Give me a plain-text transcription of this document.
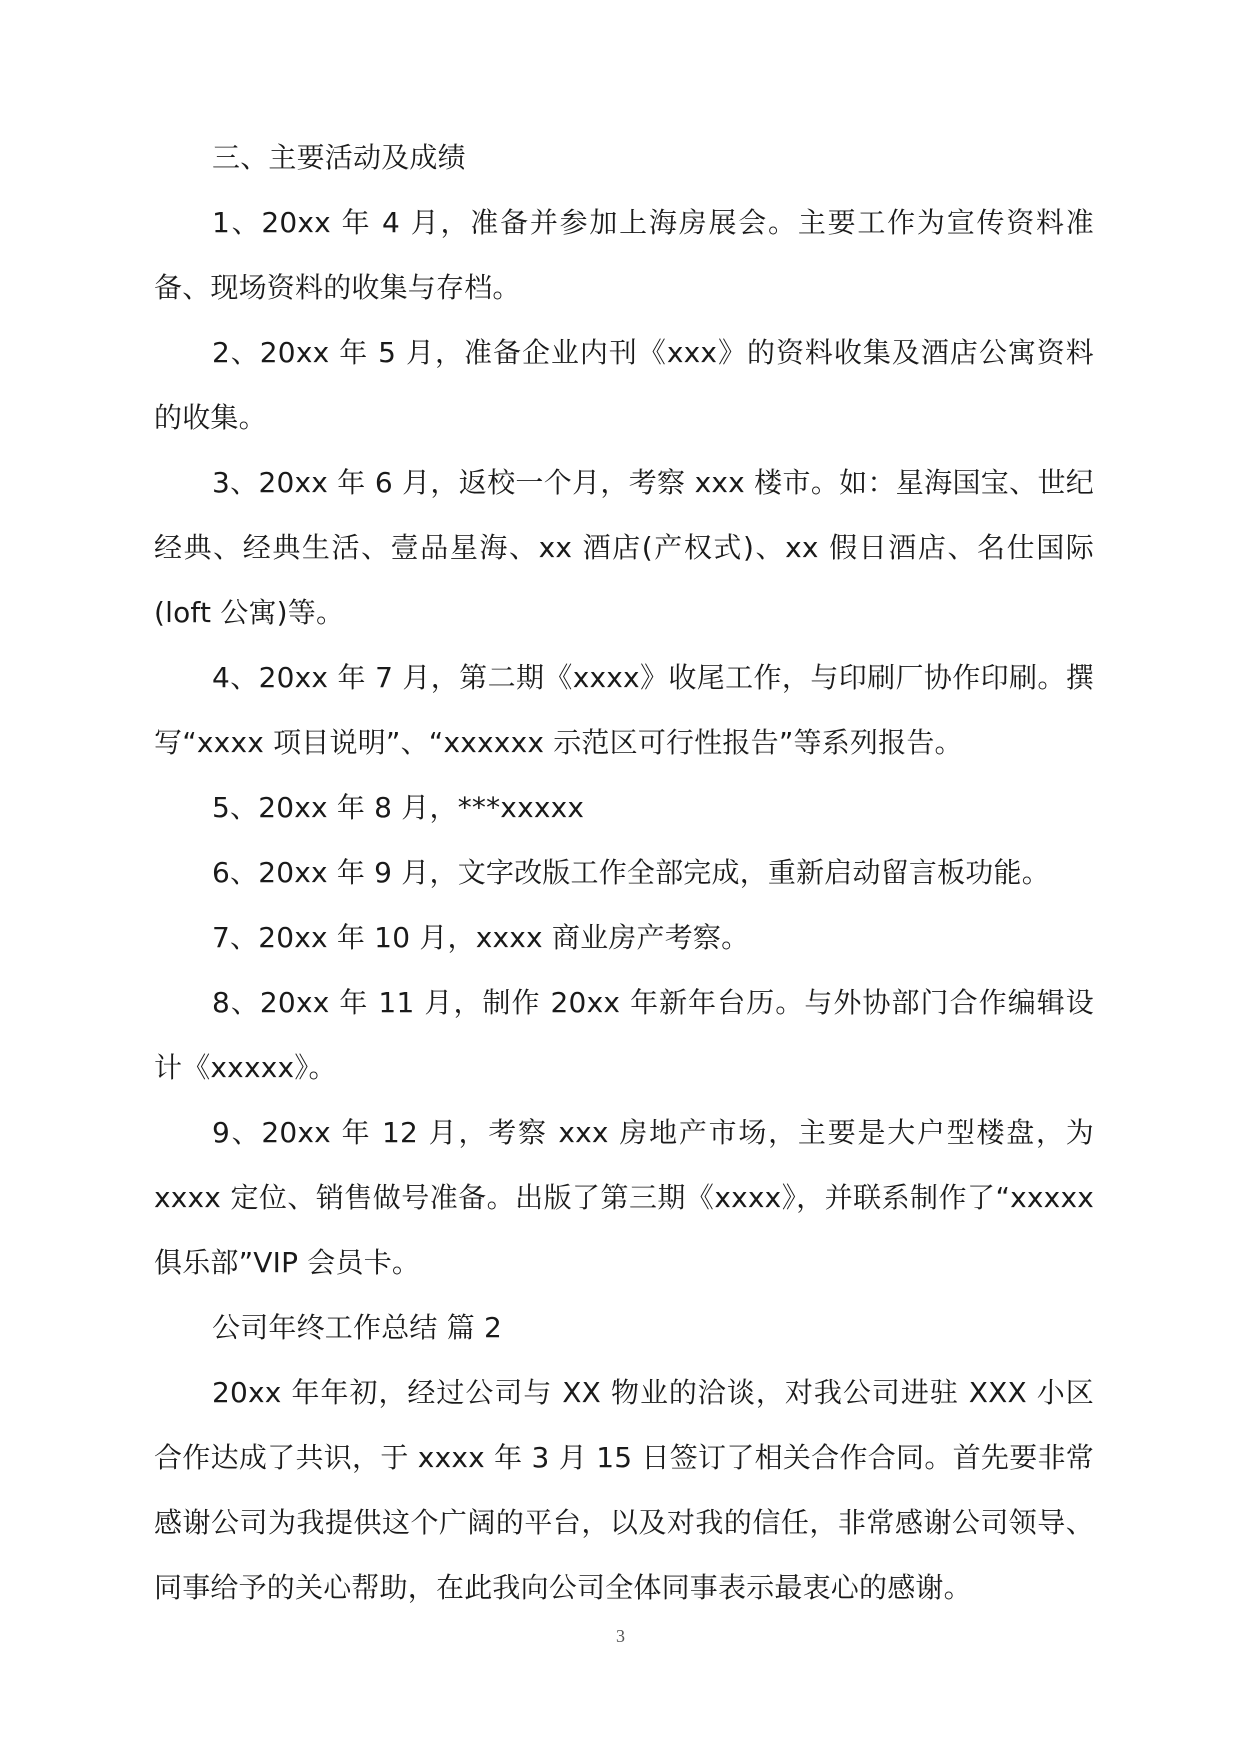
三、主要活动及成绩

1、20xx 年 4 月，准备并参加上海房展会。主要工作为宣传资料准备、现场资料的收集与存档。

2、20xx 年 5 月，准备企业内刊《xxx》的资料收集及酒店公寓资料的收集。

3、20xx 年 6 月，返校一个月，考察 xxx 楼市。如：星海国宝、世纪经典、经典生活、壹品星海、xx 酒店(产权式)、xx 假日酒店、名仕国际(loft 公寓)等。

4、20xx 年 7 月，第二期《xxxx》收尾工作，与印刷厂协作印刷。撰写“xxxx 项目说明”、“xxxxxx 示范区可行性报告”等系列报告。

5、20xx 年 8 月，***xxxxx

6、20xx 年 9 月，文字改版工作全部完成，重新启动留言板功能。

7、20xx 年 10 月，xxxx 商业房产考察。

8、20xx 年 11 月，制作 20xx 年新年台历。与外协部门合作编辑设计《xxxxx》。

9、20xx 年 12 月，考察 xxx 房地产市场，主要是大户型楼盘，为 xxxx 定位、销售做号准备。出版了第三期《xxxx》，并联系制作了“xxxxx 俱乐部”VIP 会员卡。

公司年终工作总结 篇 2

20xx 年年初，经过公司与 XX 物业的洽谈，对我公司进驻 XXX 小区合作达成了共识，于 xxxx 年 3 月 15 日签订了相关合作合同。首先要非常感谢公司为我提供这个广阔的平台，以及对我的信任，非常感谢公司领导、同事给予的关心帮助，在此我向公司全体同事表示最衷心的感谢。

3
